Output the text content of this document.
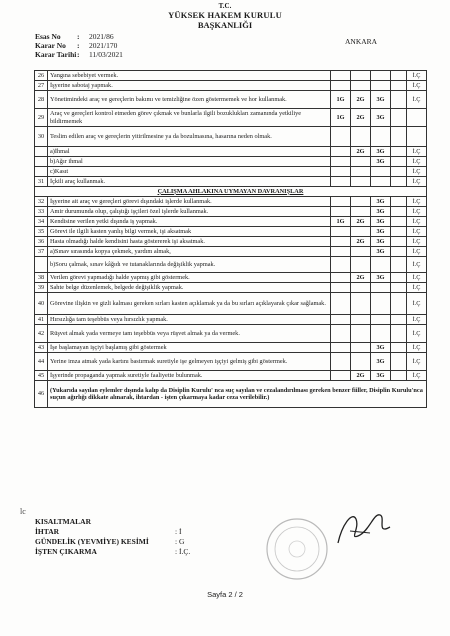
T.C.
YÜKSEK HAKEM KURULU
BAŞKANLIĞI
Esas No : 2021/86
Karar No : 2021/170
Karar Tarihi: 11/03/2021
ANKARA
26	Yangına sebebiyet vermek.					İ.Ç
27	İşyerine sabotaj yapmak.					İ.Ç
28	Yönetimindeki araç ve gereçlerin bakımı ve temizliğine özen göstermemek ve hor kullanmak.	1G	2G	3G		İ.Ç
29	Araç ve gereçleri kontrol etmeden görev çıkmak ve bunlarla ilgili bozuklukları zamanında yetkiliye bildirmemek	1G	2G	3G		
30	Teslim edilen araç ve gereçlerin yitirilmesine ya da bozulmasına, hasarına neden olmak.					
	a)İhmal		2G	3G		İ.Ç
	b)Ağır ihmal			3G		İ.Ç
	c)Kasıt					İ.Ç
31	İçkili araç kullanmak.					İ.Ç
ÇALIŞMA AHLAKINA UYMAYAN DAVRANIŞLAR						
32	İşyerine ait araç ve gereçleri görevi dışındaki işlerde kullanmak.			3G		İ.Ç
33	Amir durumunda olup, çalıştığı işçileri özel işlerde kullanmak.			3G		İ.Ç
34	Kendisine verilen yetki dışında iş yapmak.	1G	2G	3G		İ.Ç
35	Görevi ile ilgili kasten yanlış bilgi vermek, işi aksatmak			3G		İ.Ç
36	Hasta olmadığı halde kendisini hasta göstererek işi aksatmak.		2G	3G		İ.Ç
37	a)Sınav sırasında kopya çekmek, yardım almak,			3G		İ.Ç
	b)Soru çalmak, sınav kâğıdı ve tutanaklarında değişiklik yapmak.					İ.Ç
38	Verilen görevi yapmadığı halde yapmış gibi göstermek.		2G	3G		İ.Ç
39	Sahte belge düzenlemek, belgede değişiklik yapmak.					İ.Ç
40	Görevine ilişkin ve gizli kalması gereken sırları kasten açıklamak ya da bu sırları açıklayarak çıkar sağlamak.					İ.Ç
41	Hırsızlığa tam teşebbüs veya hırsızlık yapmak.					İ.Ç
42	Rüşvet almak yada vermeye tam teşebbüs veya rüşvet almak ya da vermek.					İ.Ç
43	İşe başlamayan işçiyi başlamış gibi göstermek			3G		İ.Ç
44	Yerine imza atmak yada kartını bastırmak suretiyle işe gelmeyen işçiyi gelmiş gibi göstermek.			3G		İ.Ç
45	İşyerinde propaganda yapmak suretiyle faaliyette bulunmak.		2G	3G		İ.Ç
46	(Yukarıda sayılan eylemler dışında kalıp da Disiplin Kurulu' nca suç sayılan ve cezalandırılması gereken benzer fiiller, Disiplin Kurulu'nca suçun ağırlığı dikkate alınarak, ihtardan - işten çıkarmaya kadar ceza verilebilir.)					
lc
KISALTMALAR
İHTAR	: İ
GÜNDELİK (YEVMİYE) KESİMİ	: G
İŞTEN ÇIKARMA	: İ.Ç.
Sayfa 2 / 2
